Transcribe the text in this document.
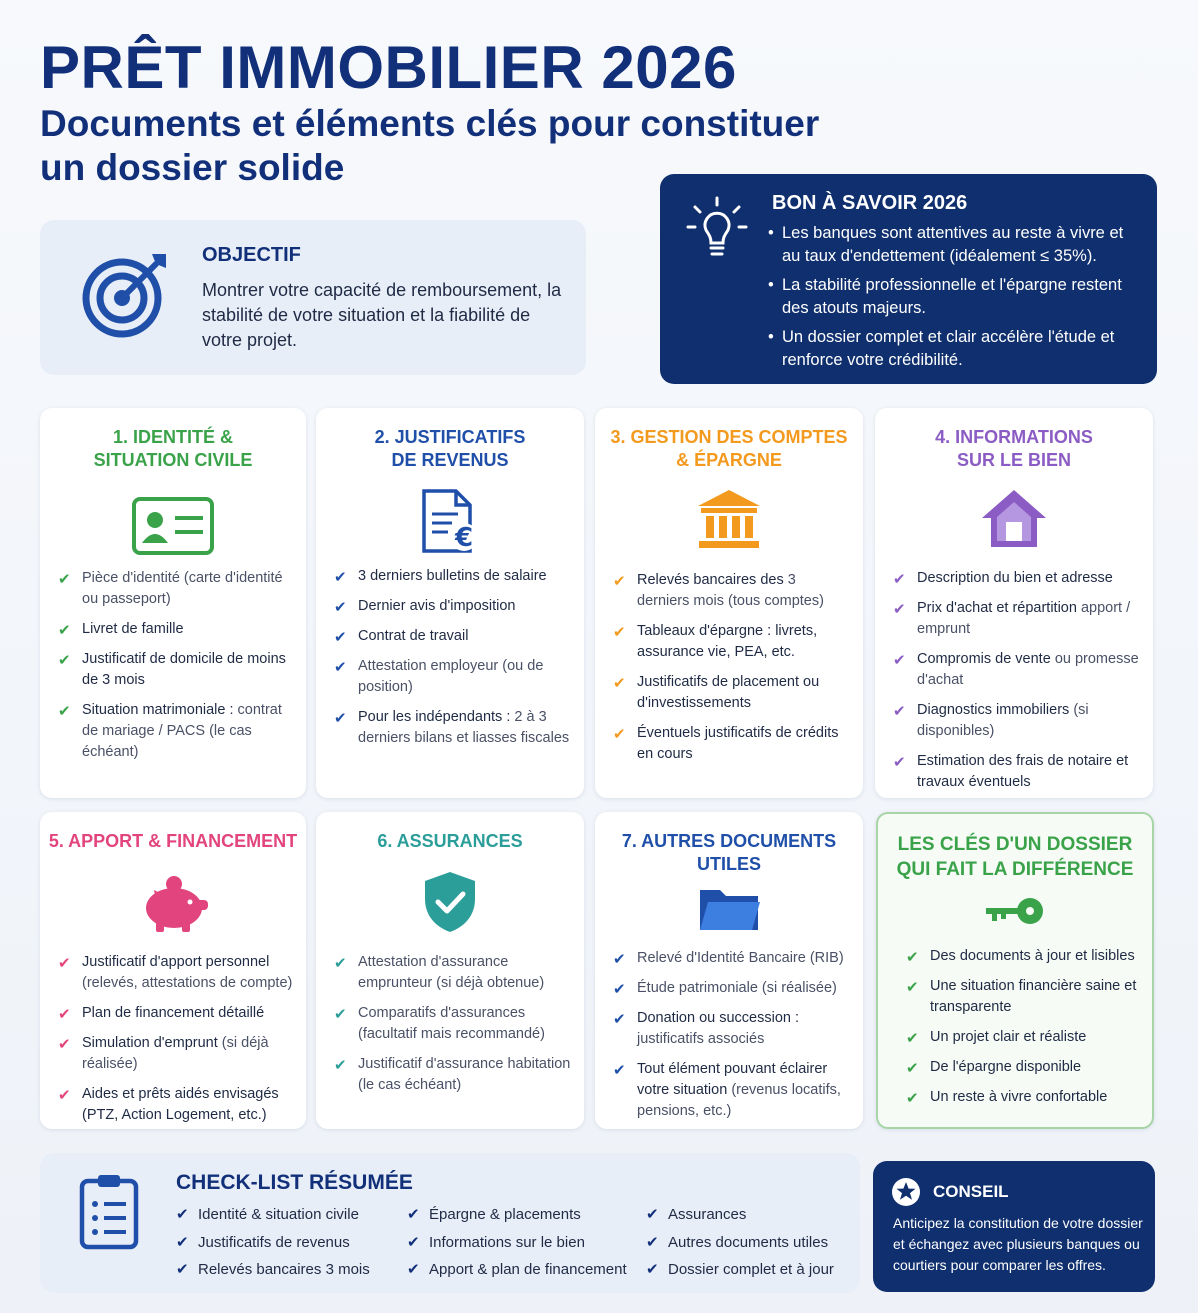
PRÊT IMMOBILIER 2026
Documents et éléments clés pour constituer un dossier solide
OBJECTIF
Montrer votre capacité de remboursement, la stabilité de votre situation et la fiabilité de votre projet.
BON À SAVOIR 2026
• Les banques sont attentives au reste à vivre et au taux d'endettement (idéalement ≤ 35%).
• La stabilité professionnelle et l'épargne restent des atouts majeurs.
• Un dossier complet et clair accélère l'étude et renforce votre crédibilité.
1. IDENTITÉ &
SITUATION CIVILE
✔ Pièce d'identité (carte d'identité ou passeport)
✔ Livret de famille
✔ Justificatif de domicile de moins de 3 mois
✔ Situation matrimoniale : contrat de mariage / PACS (le cas échéant)
2. JUSTIFICATIFS
DE REVENUS
€
✔ 3 derniers bulletins de salaire
✔ Dernier avis d'imposition
✔ Contrat de travail
✔ Attestation employeur (ou de position)
✔ Pour les indépendants : 2 à 3 derniers bilans et liasses fiscales
3. GESTION DES COMPTES
& ÉPARGNE
✔ Relevés bancaires des 3 derniers mois (tous comptes)
✔ Tableaux d'épargne : livrets, assurance vie, PEA, etc.
✔ Justificatifs de placement ou d'investissements
✔ Éventuels justificatifs de crédits en cours
4. INFORMATIONS
SUR LE BIEN
✔ Description du bien et adresse
✔ Prix d'achat et répartition apport / emprunt
✔ Compromis de vente ou promesse d'achat
✔ Diagnostics immobiliers (si disponibles)
✔ Estimation des frais de notaire et travaux éventuels
5. APPORT & FINANCEMENT
✔ Justificatif d'apport personnel (relevés, attestations de compte)
✔ Plan de financement détaillé
✔ Simulation d'emprunt (si déjà réalisée)
✔ Aides et prêts aidés envisagés (PTZ, Action Logement, etc.)
6. ASSURANCES
✔ Attestation d'assurance emprunteur (si déjà obtenue)
✔ Comparatifs d'assurances (facultatif mais recommandé)
✔ Justificatif d'assurance habitation (le cas échéant)
7. AUTRES DOCUMENTS
UTILES
✔ Relevé d'Identité Bancaire (RIB)
✔ Étude patrimoniale (si réalisée)
✔ Donation ou succession : justificatifs associés
✔ Tout élément pouvant éclairer votre situation (revenus locatifs, pensions, etc.)
LES CLÉS D'UN DOSSIER
QUI FAIT LA DIFFÉRENCE
✔ Des documents à jour et lisibles
✔ Une situation financière saine et transparente
✔ Un projet clair et réaliste
✔ De l'épargne disponible
✔ Un reste à vivre confortable
CHECK-LIST RÉSUMÉE
✔ Identité & situation civile
✔ Justificatifs de revenus
✔ Relevés bancaires 3 mois
✔ Épargne & placements
✔ Informations sur le bien
✔ Apport & plan de financement
✔ Assurances
✔ Autres documents utiles
✔ Dossier complet et à jour
CONSEIL
Anticipez la constitution de votre dossier et échangez avec plusieurs banques ou courtiers pour comparer les offres.
